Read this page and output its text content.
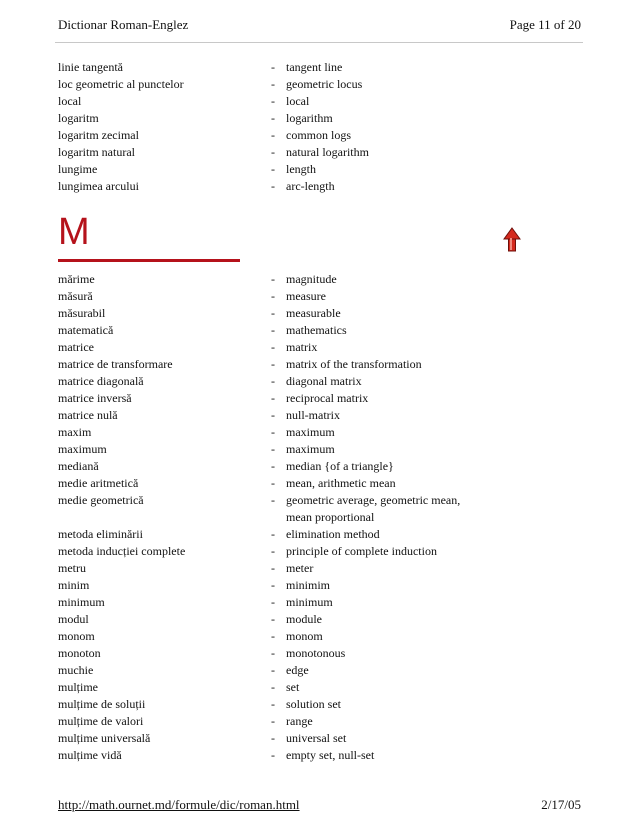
Dictionar Roman-Englez	Page 11 of 20
linie tangentă	- tangent line
loc geometric al punctelor	- geometric locus
local	- local
logaritm	- logarithm
logaritm zecimal	- common logs
logaritm natural	- natural logarithm
lungime	- length
lungimea arcului	- arc-length
M
mărime	- magnitude
măsură	- measure
măsurabil	- measurable
matematică	- mathematics
matrice	- matrix
matrice de transformare	- matrix of the transformation
matrice diagonală	- diagonal matrix
matrice inversă	- reciprocal matrix
matrice nulă	- null-matrix
maxim	- maximum
maximum	- maximum
mediană	- median {of a triangle}
medie aritmetică	- mean, arithmetic mean
medie geometrică	- geometric average, geometric mean,
mean proportional
metoda eliminării	- elimination method
metoda inducției complete	- principle of complete induction
metru	- meter
minim	- minimim
minimum	- minimum
modul	- module
monom	- monom
monoton	- monotonous
muchie	- edge
mulțime	- set
mulțime de soluții	- solution set
mulțime de valori	- range
mulțime universală	- universal set
mulțime vidă	- empty set, null-set
http://math.ournet.md/formule/dic/roman.html	2/17/05
